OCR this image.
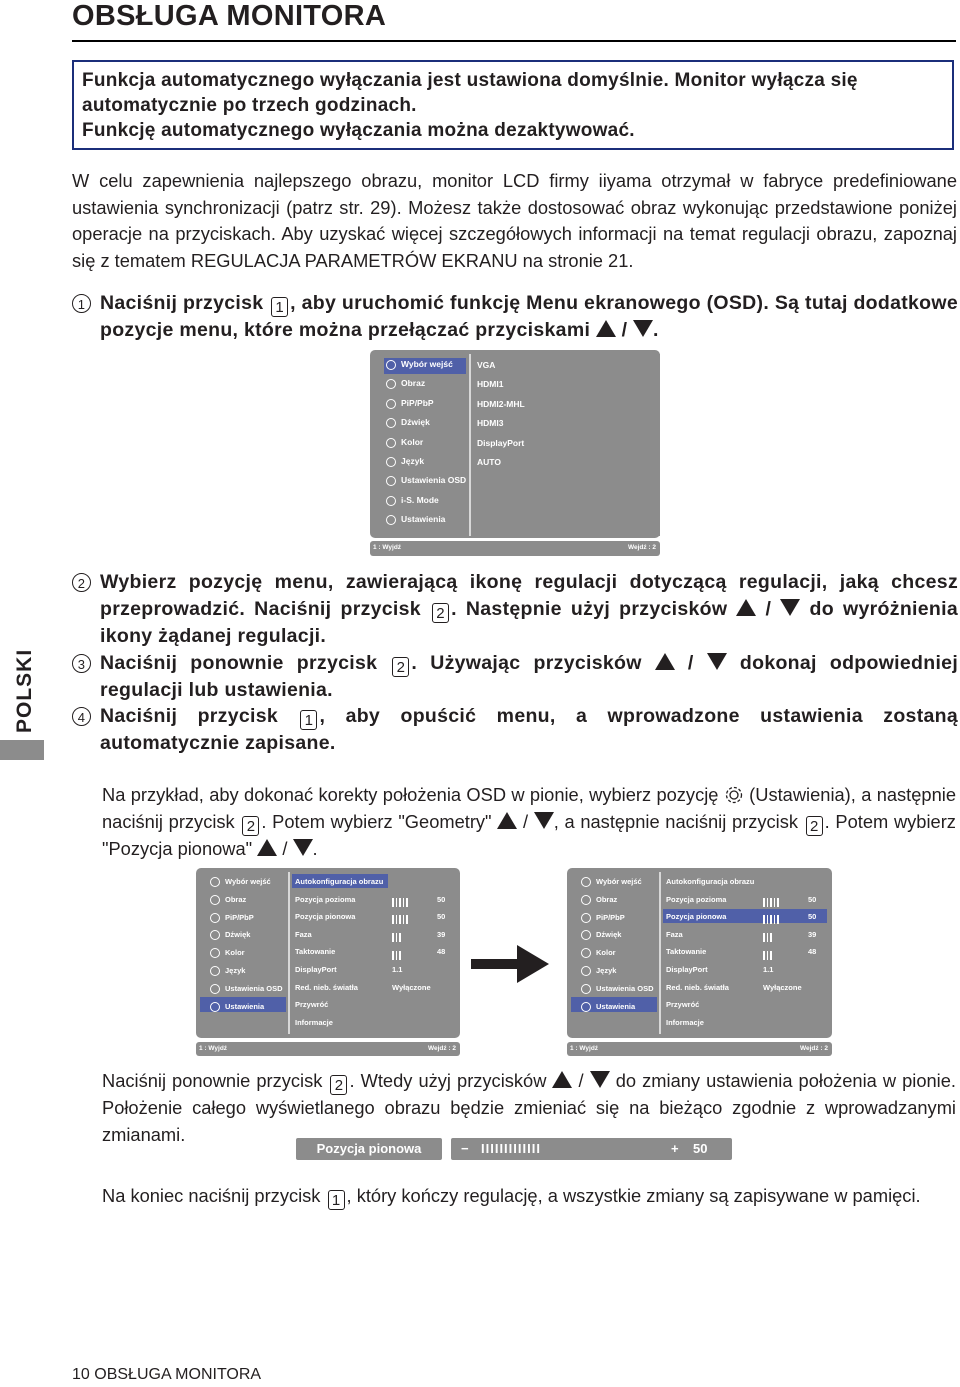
OBSŁUGA MONITORA
Funkcja automatycznego wyłączania jest ustawiona domyślnie. Monitor wyłącza się automatycznie po trzech godzinach.
Funkcję automatycznego wyłączania można dezaktywować.
W celu zapewnienia najlepszego obrazu, monitor LCD firmy iiyama otrzymał w fabryce predefiniowane ustawienia synchronizacji (patrz str. 29). Możesz także dostosować obraz wykonując przedstawione poniżej operacje na przyciskach. Aby uzyskać więcej szczegółowych informacji na temat regulacji obrazu, zapoznaj się z tematem REGULACJA PARAMETRÓW EKRANU na stronie 21.
1 Naciśnij przycisk 1 , aby uruchomić funkcję Menu ekranowego (OSD). Są tutaj dodatkowe pozycje menu, które można przełączać przyciskami / .
Wybór wejść
Obraz
PiP/PbP
Dźwięk
Kolor
Język
Ustawienia OSD
i-S. Mode
Ustawienia
VGA
HDMI1
HDMI2-MHL
HDMI3
DisplayPort
AUTO
1 : Wyjdź	Wejdź : 2
2 Wybierz pozycję menu, zawierającą ikonę regulacji dotyczącą regulacji, jaką chcesz przeprowadzić. Naciśnij przycisk 2 . Następnie użyj przycisków / do wyróżnienia ikony żądanej regulacji.
3 Naciśnij ponownie przycisk 2 . Używając przycisków / dokonaj odpowiedniej regulacji lub ustawienia.
4 Naciśnij przycisk 1 , aby opuścić menu, a wprowadzone ustawienia zostaną automatycznie zapisane.
POLSKI
Na przykład, aby dokonać korekty położenia OSD w pionie, wybierz pozycję (Ustawienia), a następnie naciśnij przycisk 2 . Potem wybierz "Geometry" / , a następnie naciśnij przycisk 2 . Potem wybierz "Pozycja pionowa" / .
Wybór wejść
Obraz
PiP/PbP
Dźwięk
Kolor
Język
Ustawienia OSD
Ustawienia
Autokonfiguracja obrazu
Pozycja pozioma	50
Pozycja pionowa	50
Faza	39
Taktowanie	48
DisplayPort	1.1
Red. nieb. światła	Wyłączone
Przywróć
Informacje
1 : Wyjdź	Wejdź : 2
Wybór wejść
Obraz
PiP/PbP
Dźwięk
Kolor
Język
Ustawienia OSD
Ustawienia
Autokonfiguracja obrazu
Pozycja pozioma	50
Pozycja pionowa	50
Faza	39
Taktowanie	48
DisplayPort	1.1
Red. nieb. światła	Wyłączone
Przywróć
Informacje
1 : Wyjdź	Wejdź : 2
Naciśnij ponownie przycisk 2 . Wtedy użyj przycisków / do zmiany ustawienia położenia w pionie. Położenie całego wyświetlanego obrazu będzie zmieniać się na bieżąco zgodnie z wprowadzanymi zmianami.
Pozycja pionowa	− IIIIIIIIIIIII	+ 50
Na koniec naciśnij przycisk 1 , który kończy regulację, a wszystkie zmiany są zapisywane w pamięci.
10 OBSŁUGA MONITORA
